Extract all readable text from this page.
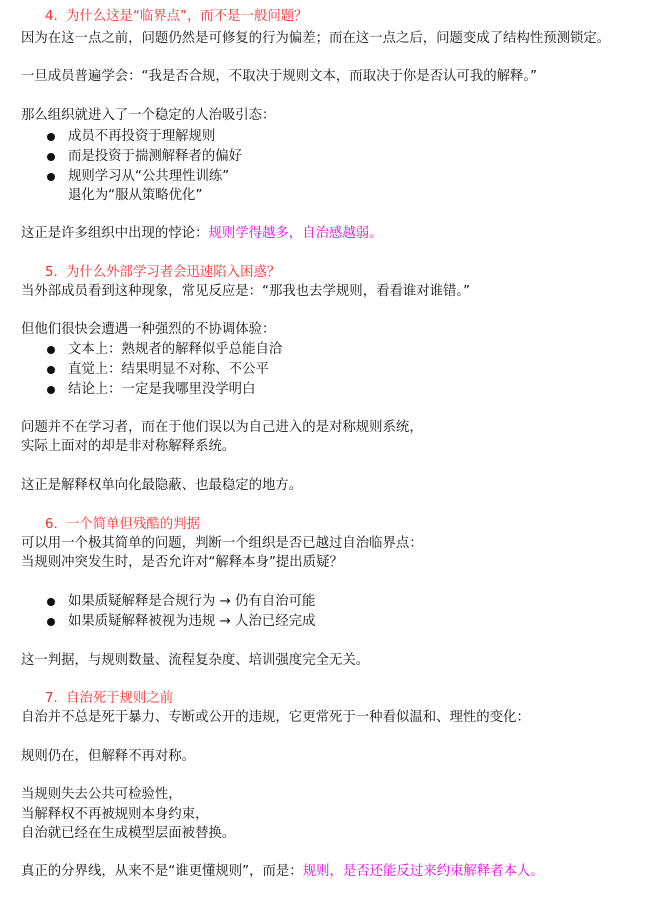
4. 为什么这是“临界点”，而不是一般问题？
因为在这一点之前，问题仍然是可修复的行为偏差；而在这一点之后，问题变成了结构性预测锁定。
一旦成员普遍学会：“我是否合规，不取决于规则文本，而取决于你是否认可我的解释。”
那么组织就进入了一个稳定的人治吸引态：
成员不再投资于理解规则
而是投资于揣测解释者的偏好
规则学习从“公共理性训练”
退化为“服从策略优化”
这正是许多组织中出现的悖论：规则学得越多，自治感越弱。
5. 为什么外部学习者会迅速陷入困惑？
当外部成员看到这种现象，常见反应是：“那我也去学规则，看看谁对谁错。”
但他们很快会遭遇一种强烈的不协调体验：
文本上：熟规者的解释似乎总能自洽
直觉上：结果明显不对称、不公平
结论上：一定是我哪里没学明白
问题并不在学习者，而在于他们误以为自己进入的是对称规则系统，
实际上面对的却是非对称解释系统。
这正是解释权单向化最隐蔽、也最稳定的地方。
6. 一个简单但残酷的判据
可以用一个极其简单的问题，判断一个组织是否已越过自治临界点：
当规则冲突发生时，是否允许对“解释本身”提出质疑？
如果质疑解释是合规行为 → 仍有自治可能
如果质疑解释被视为违规 → 人治已经完成
这一判据，与规则数量、流程复杂度、培训强度完全无关。
7. 自治死于规则之前
自治并不总是死于暴力、专断或公开的违规，它更常死于一种看似温和、理性的变化：
规则仍在，但解释不再对称。
当规则失去公共可检验性，
当解释权不再被规则本身约束，
自治就已经在生成模型层面被替换。
真正的分界线，从来不是“谁更懂规则”，而是：规则，是否还能反过来约束解释者本人。
